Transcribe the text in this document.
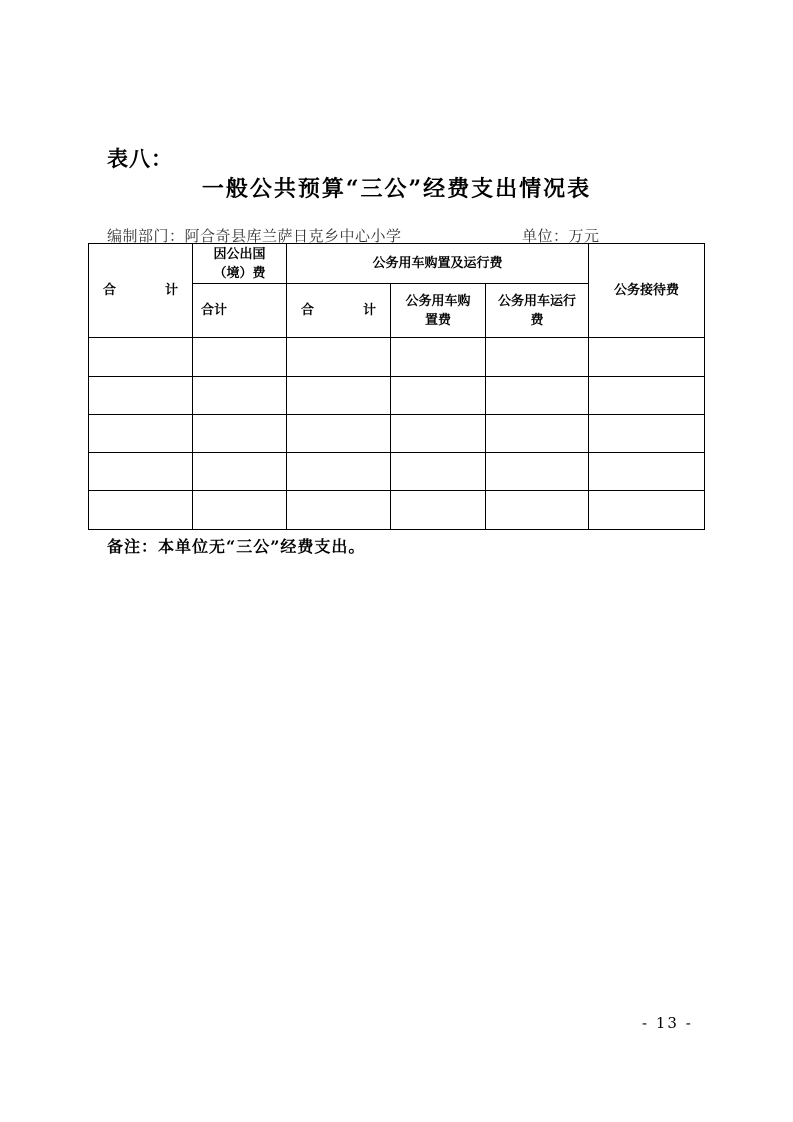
表八：
一般公共预算“三公”经费支出情况表
编制部门：阿合奇县库兰萨日克乡中心小学	单位：万元
合　计	因公出国（境）费	公务用车购置及运行费			公务接待费
	合计	合　计	公务用车购置费	公务用车运行费	

备注：本单位无“三公”经费支出。
- 13 -
